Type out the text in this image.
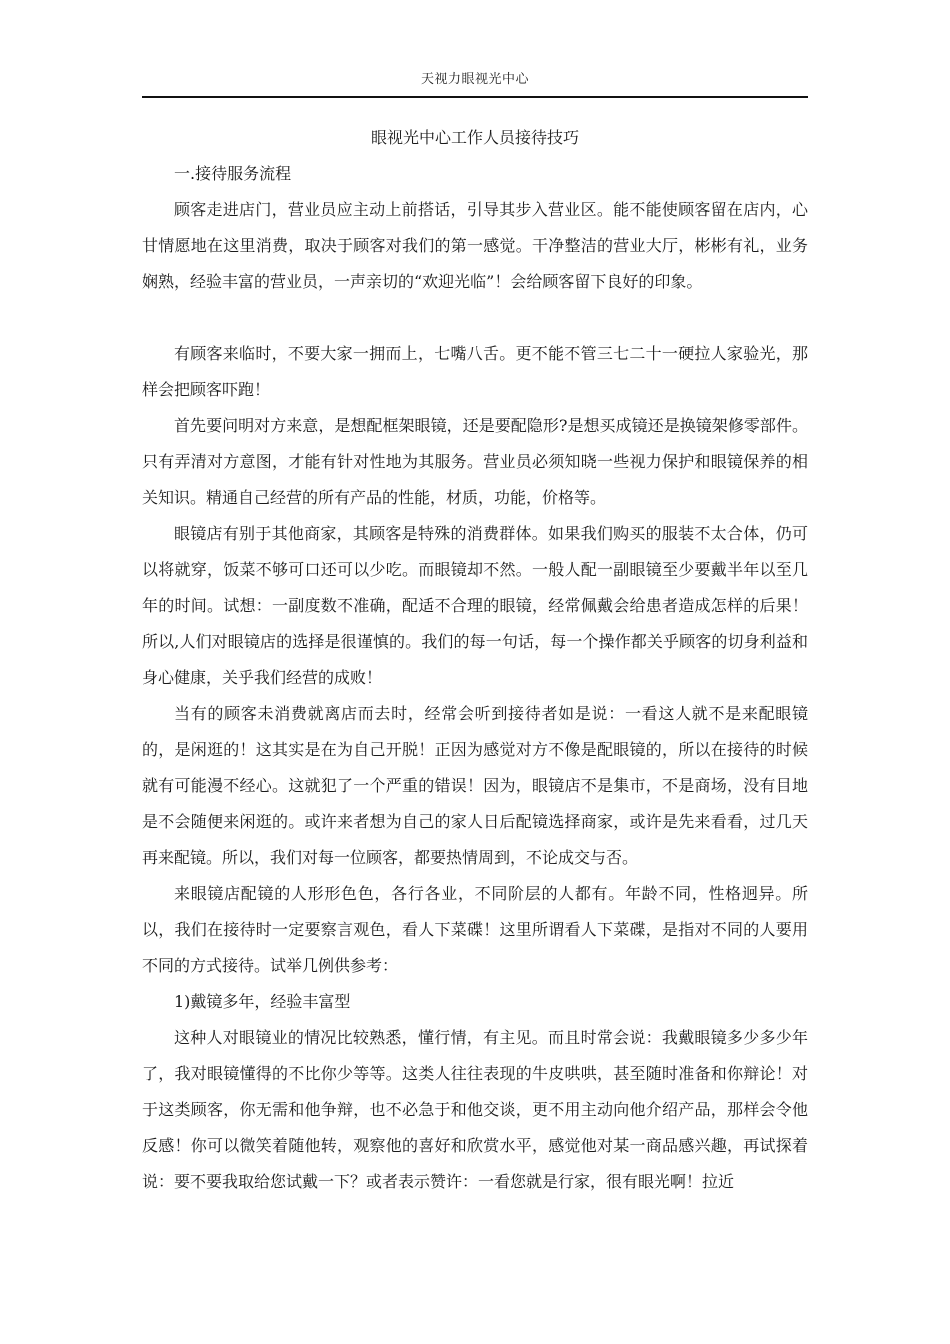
天视力眼视光中心
眼视光中心工作人员接待技巧
一.接待服务流程

顾客走进店门，营业员应主动上前搭话，引导其步入营业区。能不能使顾客留在店内，心甘情愿地在这里消费，取决于顾客对我们的第一感觉。干净整洁的营业大厅，彬彬有礼，业务娴熟，经验丰富的营业员，一声亲切的“欢迎光临”！会给顾客留下良好的印象。

有顾客来临时，不要大家一拥而上，七嘴八舌。更不能不管三七二十一硬拉人家验光，那样会把顾客吓跑！

首先要问明对方来意，是想配框架眼镜，还是要配隐形?是想买成镜还是换镜架修零部件。只有弄清对方意图，才能有针对性地为其服务。营业员必须知晓一些视力保护和眼镜保养的相关知识。精通自己经营的所有产品的性能，材质，功能，价格等。

眼镜店有别于其他商家，其顾客是特殊的消费群体。如果我们购买的服装不太合体，仍可以将就穿，饭菜不够可口还可以少吃。而眼镜却不然。一般人配一副眼镜至少要戴半年以至几年的时间。试想：一副度数不准确，配适不合理的眼镜，经常佩戴会给患者造成怎样的后果！所以,人们对眼镜店的选择是很谨慎的。我们的每一句话，每一个操作都关乎顾客的切身利益和身心健康，关乎我们经营的成败！

当有的顾客未消费就离店而去时，经常会听到接待者如是说：一看这人就不是来配眼镜的，是闲逛的！这其实是在为自己开脱！正因为感觉对方不像是配眼镜的，所以在接待的时候就有可能漫不经心。这就犯了一个严重的错误！因为，眼镜店不是集市，不是商场，没有目地是不会随便来闲逛的。或许来者想为自己的家人日后配镜选择商家，或许是先来看看，过几天再来配镜。所以，我们对每一位顾客，都要热情周到，不论成交与否。

来眼镜店配镜的人形形色色，各行各业，不同阶层的人都有。年龄不同，性格迥异。所以，我们在接待时一定要察言观色，看人下菜碟！这里所谓看人下菜碟，是指对不同的人要用不同的方式接待。试举几例供参考：

1)戴镜多年，经验丰富型

这种人对眼镜业的情况比较熟悉，懂行情，有主见。而且时常会说：我戴眼镜多少多少年了，我对眼镜懂得的不比你少等等。这类人往往表现的牛皮哄哄，甚至随时准备和你辩论！对于这类顾客，你无需和他争辩，也不必急于和他交谈，更不用主动向他介绍产品，那样会令他反感！你可以微笑着随他转，观察他的喜好和欣赏水平，感觉他对某一商品感兴趣，再试探着说：要不要我取给您试戴一下？或者表示赞许：一看您就是行家，很有眼光啊！拉近
